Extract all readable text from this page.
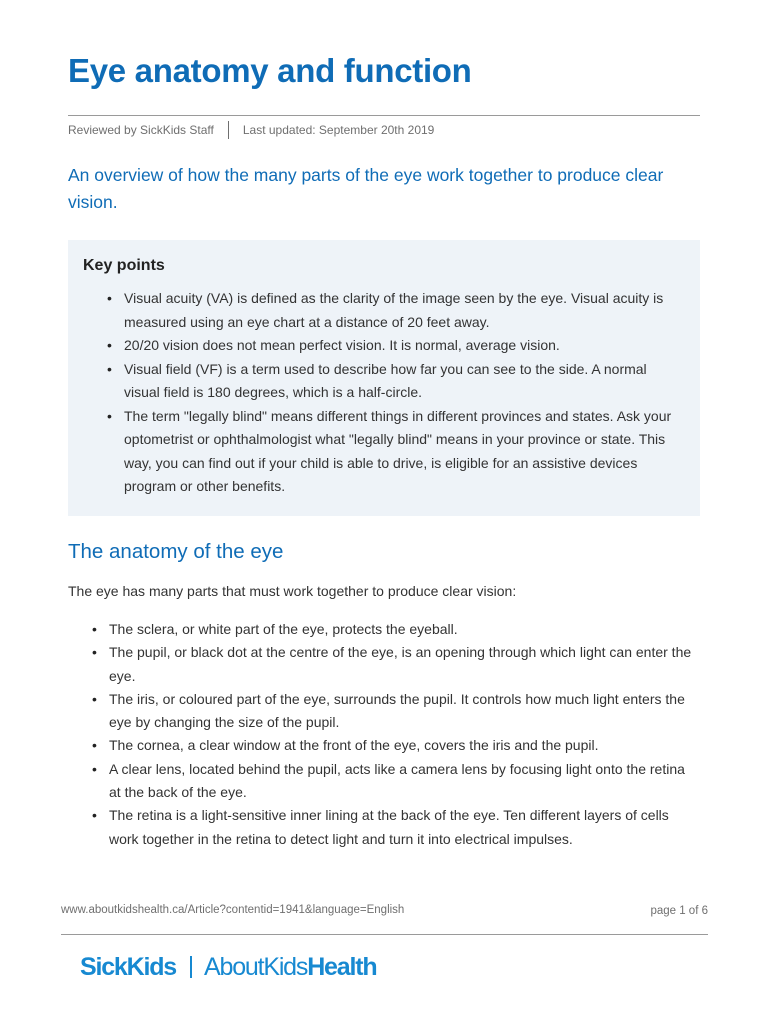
Eye anatomy and function
Reviewed by SickKids Staff Last updated: September 20th 2019

An overview of how the many parts of the eye work together to produce clear vision.

Key points
• Visual acuity (VA) is defined as the clarity of the image seen by the eye. Visual acuity is measured using an eye chart at a distance of 20 feet away.
• 20/20 vision does not mean perfect vision. It is normal, average vision.
• Visual field (VF) is a term used to describe how far you can see to the side. A normal visual field is 180 degrees, which is a half-circle.
• The term "legally blind" means different things in different provinces and states. Ask your optometrist or ophthalmologist what "legally blind" means in your province or state. This way, you can find out if your child is able to drive, is eligible for an assistive devices program or other benefits.
The anatomy of the eye

The eye has many parts that must work together to produce clear vision:

• The sclera, or white part of the eye, protects the eyeball.
• The pupil, or black dot at the centre of the eye, is an opening through which light can enter the eye.
• The iris, or coloured part of the eye, surrounds the pupil. It controls how much light enters the eye by changing the size of the pupil.
• The cornea, a clear window at the front of the eye, covers the iris and the pupil.
• A clear lens, located behind the pupil, acts like a camera lens by focusing light onto the retina at the back of the eye.
• The retina is a light-sensitive inner lining at the back of the eye. Ten different layers of cells work together in the retina to detect light and turn it into electrical impulses.
www.aboutkidshealth.ca/Article?contentid=1941&language=English	page 1 of 6
SickKids AboutKids Health
